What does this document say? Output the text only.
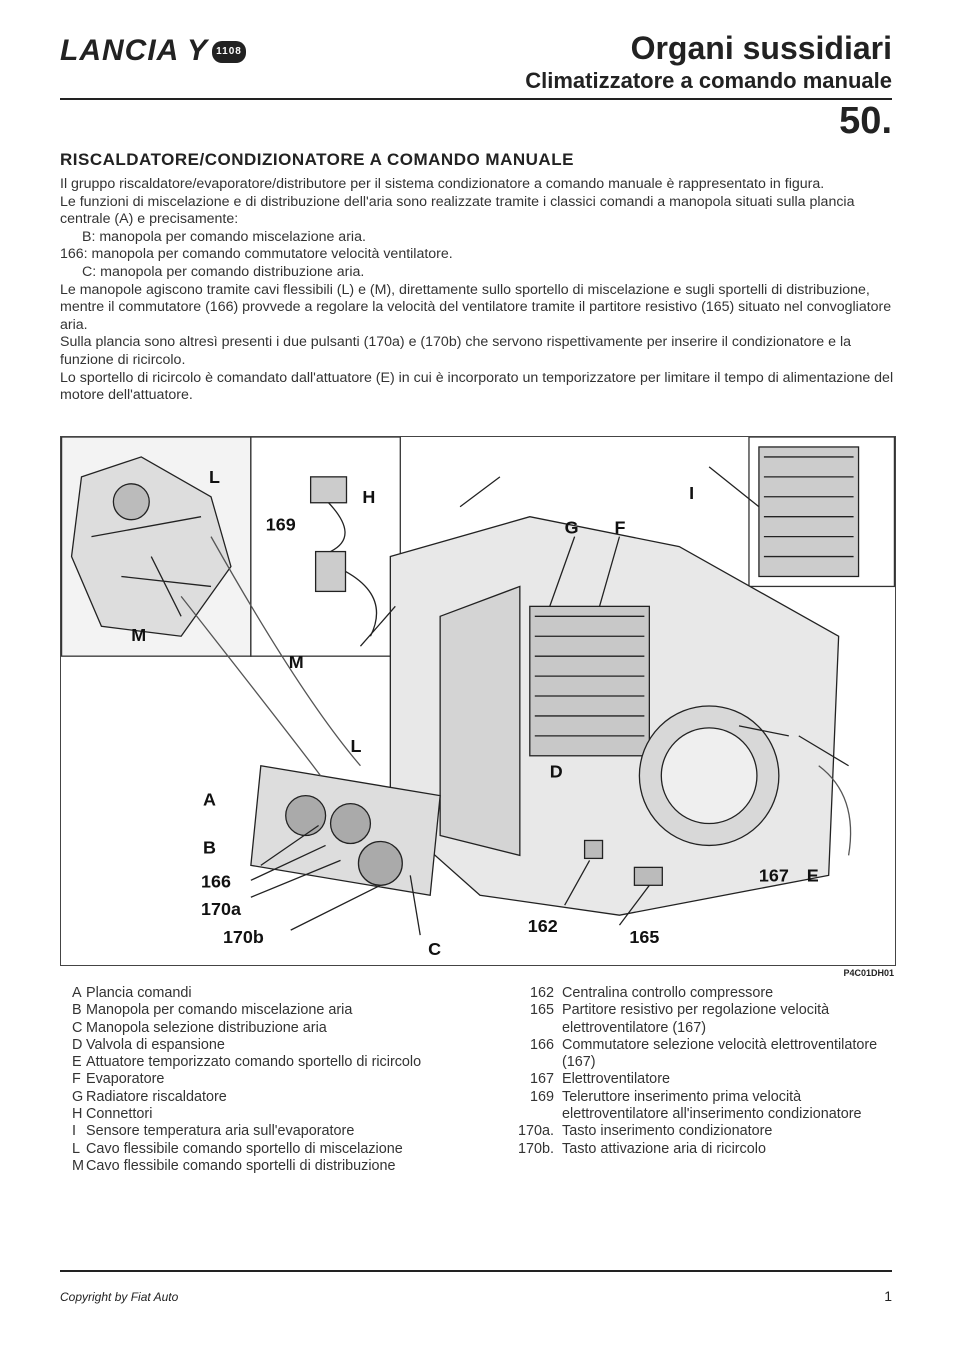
LANCIA Y 1108	Organi sussidiari
Climatizzatore a comando manuale
50.
RISCALDATORE/CONDIZIONATORE A COMANDO MANUALE

Il gruppo riscaldatore/evaporatore/distributore per il sistema condizionatore a comando manuale è rappresentato in figura.

Le funzioni di miscelazione e di distribuzione dell'aria sono realizzate tramite i classici comandi a manopola situati sulla plancia centrale (A) e precisamente:

B: manopola per comando miscelazione aria.

166: manopola per comando commutatore velocità ventilatore.

C: manopola per comando distribuzione aria.

Le manopole agiscono tramite cavi flessibili (L) e (M), direttamente sullo sportello di miscelazione e sugli sportelli di distribuzione, mentre il commutatore (166) provvede a regolare la velocità del ventilatore tramite il partitore resistivo (165) situato nel convogliatore aria.

Sulla plancia sono altresì presenti i due pulsanti (170a) e (170b) che servono rispettivamente per inserire il condizionatore e la funzione di ricircolo.

Lo sportello di ricircolo è comandato dall'attuatore (E) in cui è incorporato un temporizzatore per limitare il tempo di alimentazione del motore dell'attuatore.

L
M
169
H	I
G F
M
L
D
A
B
166
170a
170b
C
162
165
167 E
P4C01DH01
A Plancia comandi
B Manopola per comando miscelazione aria
C Manopola selezione distribuzione aria
D Valvola di espansione
E Attuatore temporizzato comando sportello di ricircolo
F Evaporatore
G Radiatore riscaldatore
H Connettori
I Sensore temperatura aria sull'evaporatore
L Cavo flessibile comando sportello di miscelazione
M Cavo flessibile comando sportelli di distribuzione
162 Centralina controllo compressore
165 Partitore resistivo per regolazione velocità elettroventilatore (167)
166 Commutatore selezione velocità elettroventilatore (167)
167 Elettroventilatore
169 Teleruttore inserimento prima velocità elettroventilatore all'inserimento condizionatore
170a. Tasto inserimento condizionatore
170b. Tasto attivazione aria di ricircolo
Copyright by Fiat Auto	1
